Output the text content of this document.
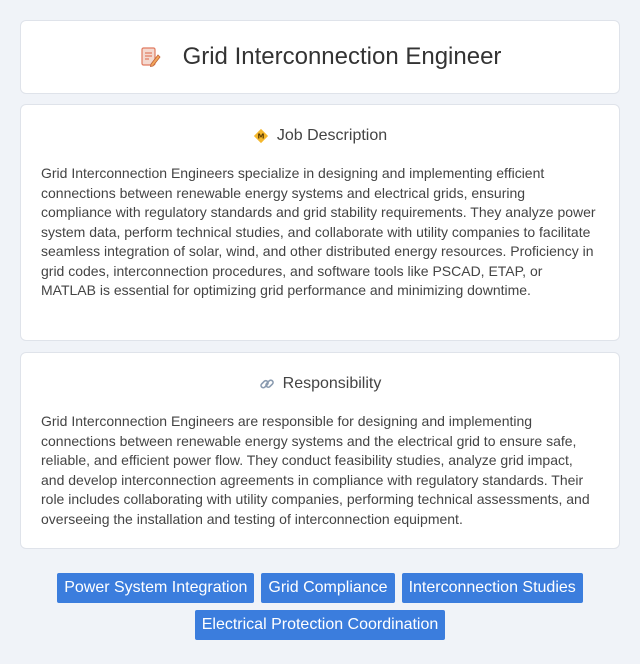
Grid Interconnection Engineer
M Job Description

Grid Interconnection Engineers specialize in designing and implementing efficient connections between renewable energy systems and electrical grids, ensuring compliance with regulatory standards and grid stability requirements. They analyze power system data, perform technical studies, and collaborate with utility companies to facilitate seamless integration of solar, wind, and other distributed energy resources. Proficiency in grid codes, interconnection procedures, and software tools like PSCAD, ETAP, or MATLAB is essential for optimizing grid performance and minimizing downtime.

Responsibility

Grid Interconnection Engineers are responsible for designing and implementing connections between renewable energy systems and the electrical grid to ensure safe, reliable, and efficient power flow. They conduct feasibility studies, analyze grid impact, and develop interconnection agreements in compliance with regulatory standards. Their role includes collaborating with utility companies, performing technical assessments, and overseeing the installation and testing of interconnection equipment.

Power System Integration	Grid Compliance	Interconnection Studies
Electrical Protection Coordination
